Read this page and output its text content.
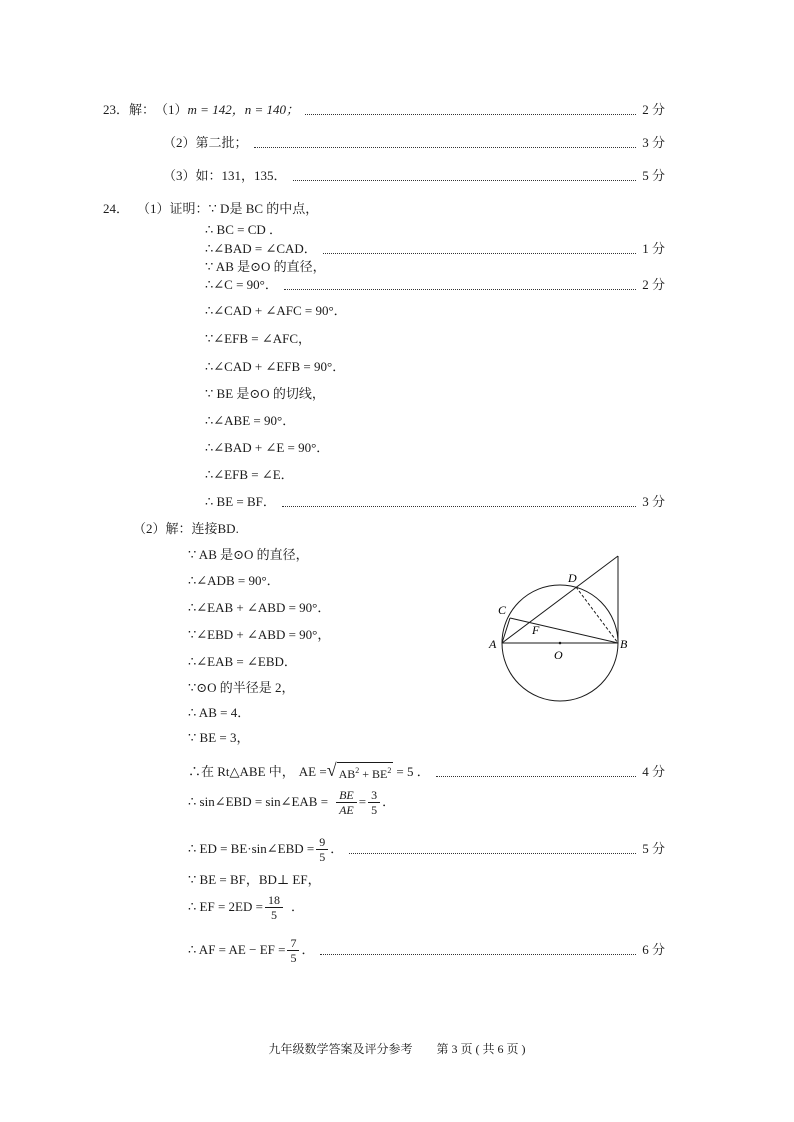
23．解： （1） m = 142，n = 140；	2 分
（2） 第二批；	3 分
（3） 如：131，135．	5 分
24． （1）证明： ∵ D是 BC 的中点，
∴ BC = CD ．
∴∠BAD = ∠CAD．	1 分
∵ AB 是⊙O 的直径，
∴∠C = 90°．	2 分
∴∠CAD + ∠AFC = 90°．
∵∠EFB = ∠AFC，
∴∠CAD + ∠EFB = 90°．
∵ BE 是⊙O 的切线，
∴∠ABE = 90°．
∴∠BAD + ∠E = 90°．
∴∠EFB = ∠E．
∴ BE = BF．	3 分
（2）解： 连接BD.
∵ AB 是⊙O 的直径，
∴∠ADB = 90°．
∴∠EAB + ∠ABD = 90°．
∵∠EBD + ∠ABD = 90°，
∴∠EAB = ∠EBD．
∵⊙O 的半径是 2，
∴ AB = 4．
∵ BE = 3，
∴在 Rt△ABE 中， AE = √ $AB^2 + BE^2 = 5$ ．	4 分
∴ sin∠EBD = sin∠EAB = $\frac{BE}{AE} = \frac{3}{5}$ ．
∴ ED = BE·sin∠EBD = $\frac{9}{5}$ ．	5 分
∵ BE = BF，BD⊥ EF，
∴ EF = $2ED = \frac{18}{5}$ ．
∴ AF = AE − EF = $\frac{7}{5}$ ．	6 分
A	B
C
D
F
O
九年级数学答案及评分参考　　第 3 页 ( 共 6 页 )
